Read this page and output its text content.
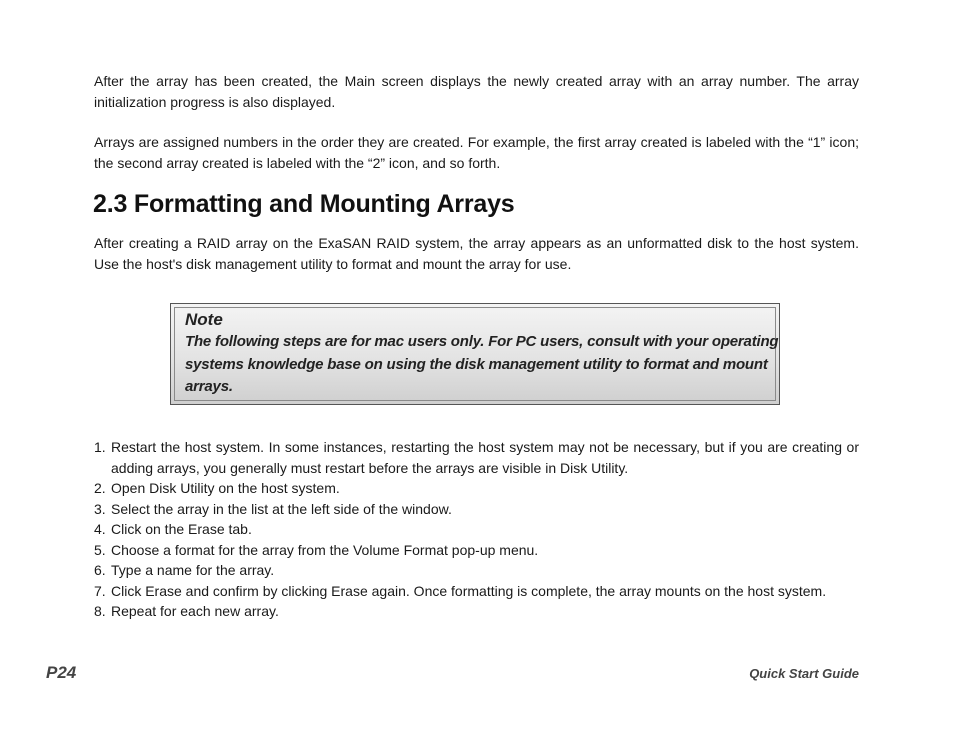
After the array has been created, the Main screen displays the newly created array with an array number. The array initialization progress is also displayed.

Arrays are assigned numbers in the order they are created. For example, the first array created is labeled with the “1” icon; the second array created is labeled with the “2” icon, and so forth.

2.3 Formatting and Mounting Arrays

After creating a RAID array on the ExaSAN RAID system, the array appears as an unformatted disk to the host system. Use the host's disk management utility to format and mount the array for use.

Note

The following steps are for mac users only. For PC users, consult with your operating systems knowledge base on using the disk management utility to format and mount arrays.

1. Restart the host system. In some instances, restarting the host system may not be necessary, but if you are creating or adding arrays, you generally must restart before the arrays are visible in Disk Utility.
2. Open Disk Utility on the host system.
3. Select the array in the list at the left side of the window.
4. Click on the Erase tab.
5. Choose a format for the array from the Volume Format pop-up menu.
6. Type a name for the array.
7. Click Erase and confirm by clicking Erase again. Once formatting is complete, the array mounts on the host system.
8. Repeat for each new array.

P24	Quick Start Guide
